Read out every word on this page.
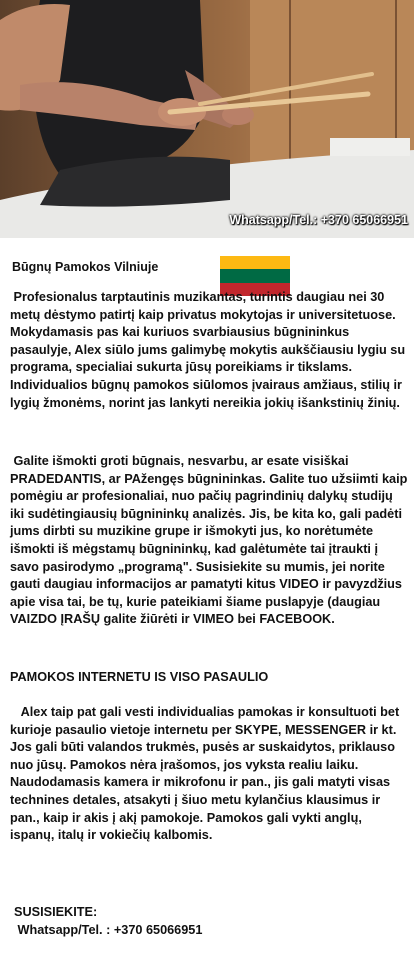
Whatsapp/Tel.: +370 65066951
Būgnų Pamokos Vilniuje

Profesionalus tarptautinis muzikantas, turintis daugiau nei 30 metų dėstymo patirtį kaip privatus mokytojas ir universitetuose. Mokydamasis pas kai kuriuos svarbiausius būgnininkus pasaulyje, Alex siūlo jums galimybę mokytis aukščiausiu lygiu su programa, specialiai sukurta jūsų poreikiams ir tikslams. Individualios būgnų pamokos siūlomos įvairaus amžiaus, stilių ir lygių žmonėms, norint jas lankyti nereikia jokių išankstinių žinių.

Galite išmokti groti būgnais, nesvarbu, ar esate visiškai PRADEDANTIS, ar PAžengęs būgnininkas. Galite tuo užsiimti kaip pomėgiu ar profesionaliai, nuo pačių pagrindinių dalykų studijų iki sudėtingiausių būgnininkų analizės. Jis, be kita ko, gali padėti jums dirbti su muzikine grupe ir išmokyti jus, ko norėtumėte išmokti iš mėgstamų būgnininkų, kad galėtumėte tai įtraukti į savo pasirodymo „programą". Susisiekite su mumis, jei norite gauti daugiau informacijos ar pamatyti kitus VIDEO ir pavyzdžius apie visa tai, be tų, kurie pateikiami šiame puslapyje (daugiau VAIZDO ĮRAŠŲ galite žiūrėti ir VIMEO bei FACEBOOK.

PAMOKOS INTERNETU IS VISO PASAULIO

Alex taip pat gali vesti individualias pamokas ir konsultuoti bet kurioje pasaulio vietoje internetu per SKYPE, MESSENGER ir kt. Jos gali būti valandos trukmės, pusės ar suskaidytos, priklauso nuo jūsų. Pamokos nėra įrašomos, jos vyksta realiu laiku. Naudodamasis kamera ir mikrofonu ir pan., jis gali matyti visas technines detales, atsakyti į šiuo metu kylančius klausimus ir pan., kaip ir akis į akį pamokoje. Pamokos gali vykti anglų, ispanų, italų ir vokiečių kalbomis.

SUSISIEKITE:
Whatsapp/Tel. : +370 65066951
